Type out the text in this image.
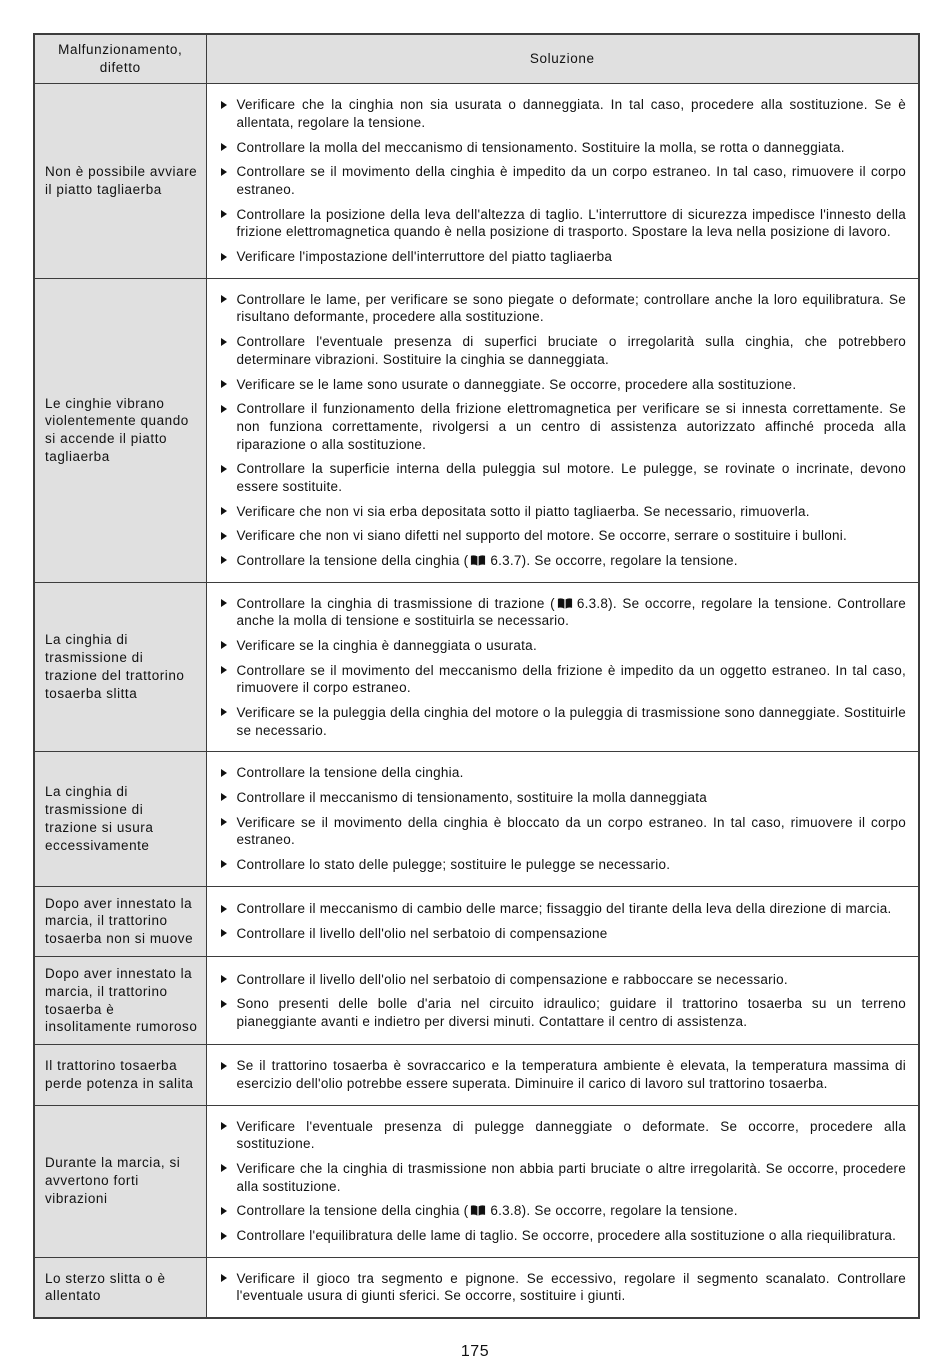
Malfunzionamento, difetto	Soluzione
Non è possibile avviare il piatto tagliaerba	
Verificare che la cinghia non sia usurata o danneggiata. In tal caso, procedere alla sostituzione. Se è allentata, regolare la tensione.
Controllare la molla del meccanismo di tensionamento. Sostituire la molla, se rotta o danneggiata.
Controllare se il movimento della cinghia è impedito da un corpo estraneo. In tal caso, rimuovere il corpo estraneo.
Controllare la posizione della leva dell'altezza di taglio. L'interruttore di sicurezza impedisce l'innesto della frizione elettromagnetica quando è nella posizione di trasporto. Spostare la leva nella posizione di lavoro.
Verificare l'impostazione dell'interruttore del piatto tagliaerba

Le cinghie vibrano violentemente quando si accende il piatto tagliaerba	
Controllare le lame, per verificare se sono piegate o deformate; controllare anche la loro equilibratura. Se risultano deformante, procedere alla sostituzione.
Controllare l'eventuale presenza di superfici bruciate o irregolarità sulla cinghia, che potrebbero determinare vibrazioni. Sostituire la cinghia se danneggiata.
Verificare se le lame sono usurate o danneggiate. Se occorre, procedere alla sostituzione.
Controllare il funzionamento della frizione elettromagnetica per verificare se si innesta correttamente. Se non funziona correttamente, rivolgersi a un centro di assistenza autorizzato affinché proceda alla riparazione o alla sostituzione.
Controllare la superficie interna della puleggia sul motore. Le pulegge, se rovinate o incrinate, devono essere sostituite.
Verificare che non vi sia erba depositata sotto il piatto tagliaerba. Se necessario, rimuoverla.
Verificare che non vi siano difetti nel supporto del motore. Se occorre, serrare o sostituire i bulloni.
Controllare la tensione della cinghia ( 6.3.7). Se occorre, regolare la tensione.

La cinghia di trasmissione di trazione del trattorino tosaerba slitta	
Controllare la cinghia di trasmissione di trazione ( 6.3.8). Se occorre, regolare la tensione. Controllare anche la molla di tensione e sostituirla se necessario.
Verificare se la cinghia è danneggiata o usurata.
Controllare se il movimento del meccanismo della frizione è impedito da un oggetto estraneo. In tal caso, rimuovere il corpo estraneo.
Verificare se la puleggia della cinghia del motore o la puleggia di trasmissione sono danneggiate. Sostituirle se necessario.

La cinghia di trasmissione di trazione si usura eccessivamente	
Controllare la tensione della cinghia.
Controllare il meccanismo di tensionamento, sostituire la molla danneggiata
Verificare se il movimento della cinghia è bloccato da un corpo estraneo. In tal caso, rimuovere il corpo estraneo.
Controllare lo stato delle pulegge; sostituire le pulegge se necessario.

Dopo aver innestato la marcia, il trattorino tosaerba non si muove	
Controllare il meccanismo di cambio delle marce; fissaggio del tirante della leva della direzione di marcia.
Controllare il livello dell'olio nel serbatoio di compensazione

Dopo aver innestato la marcia, il trattorino tosaerba è insolitamente rumoroso	
Controllare il livello dell'olio nel serbatoio di compensazione e rabboccare se necessario.
Sono presenti delle bolle d'aria nel circuito idraulico; guidare il trattorino tosaerba su un terreno pianeggiante avanti e indietro per diversi minuti. Contattare il centro di assistenza.

Il trattorino tosaerba perde potenza in salita	
Se il trattorino tosaerba è sovraccarico e la temperatura ambiente è elevata, la temperatura massima di esercizio dell'olio potrebbe essere superata. Diminuire il carico di lavoro sul trattorino tosaerba.

Durante la marcia, si avvertono forti vibrazioni	
Verificare l'eventuale presenza di pulegge danneggiate o deformate. Se occorre, procedere alla sostituzione.
Verificare che la cinghia di trasmissione non abbia parti bruciate o altre irregolarità. Se occorre, procedere alla sostituzione.
Controllare la tensione della cinghia ( 6.3.8). Se occorre, regolare la tensione.
Controllare l'equilibratura delle lame di taglio. Se occorre, procedere alla sostituzione o alla riequilibratura.

Lo sterzo slitta o è allentato	
Verificare il gioco tra segmento e pignone. Se eccessivo, regolare il segmento scanalato. Controllare l'eventuale usura di giunti sferici. Se occorre, sostituire i giunti.
175
